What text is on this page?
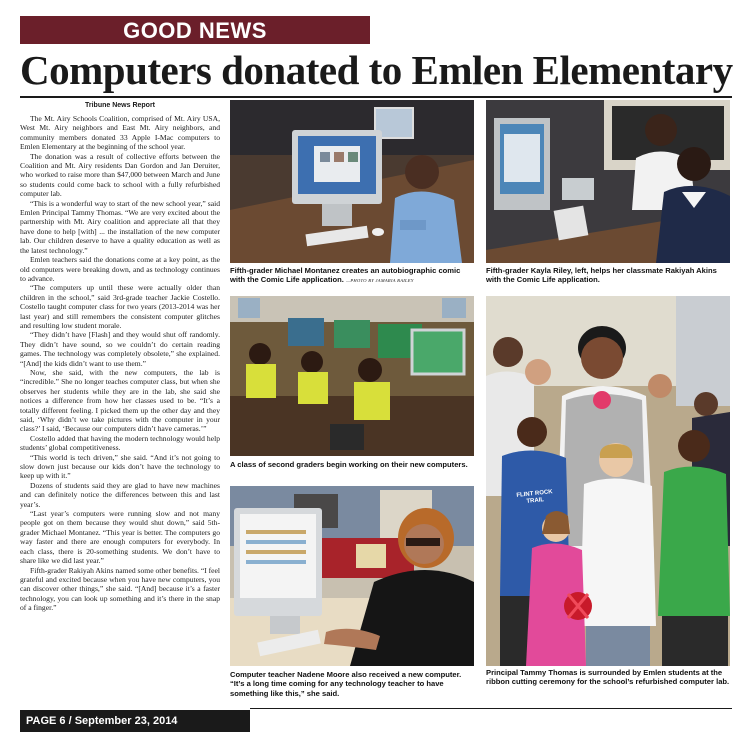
GOOD NEWS
Computers donated to Emlen Elementary
Tribune News Report

The Mt. Airy Schools Coalition, comprised of Mt. Airy USA, West Mt. Airy neighbors and East Mt. Airy neighbors, and community members donated 33 Apple I-Mac computers to Emlen Elementary at the beginning of the school year.

The donation was a result of collective efforts between the Coalition and Mt. Airy residents Dan Gordon and Jan Deruiter, who worked to raise more than $47,000 between March and June so students could come back to school with a fully refurbished computer lab.

“This is a wonderful way to start of the new school year,” said Emlen Principal Tammy Thomas. “We are very excited about the partnership with Mt. Airy coalition and appreciate all that they have done to help [with] ... the installation of the new computer lab. Our children deserve to have a quality education as well as the latest technology.”

Emlen teachers said the donations come at a key point, as the old computers were breaking down, and as technology continues to advance.

“The computers up until these were actually older than children in the school,” said 3rd-grade teacher Jackie Costello. Costello taught computer class for two years (2013-2014 was her last year) and still remembers the consistent computer glitches and resulting low student morale.

“They didn’t have [Flash] and they would shut off randomly. They didn’t have sound, so we couldn’t do certain reading games. The technology was completely obsolete,” she explained. “[And] the kids didn’t want to use them.”

Now, she said, with the new computers, the lab is “incredible.” She no longer teaches computer class, but when she observes her students while they are in the lab, she said she notices a difference from how her classes used to be. “It’s a totally different feeling. I picked them up the other day and they said, ‘Why didn’t we take pictures with the computer in your class?’ I said, ‘Because our computers didn’t have cameras.’”

Costello added that having the modern technology would help students’ global competitiveness.

“This world is tech driven,” she said. “And it’s not going to slow down just because our kids don’t have the technology to keep up with it.”

Dozens of students said they are glad to have new machines and can definitely notice the differences between this and last year’s.

“Last year’s computers were running slow and not many people got on them because they would shut down,” said 5th-grader Michael Montanez. “This year is better. The computers go way faster and there are enough computers for everybody. In each class, there is 20-something students. We don’t have to share like we did last year.”

Fifth-grader Rakiyah Akins named some other benefits. “I feel grateful and excited because when you have new computers, you can discover other things,” she said. “[And] because it’s a faster technology, you can look up something and it’s there in the snap of a finger.”

Fifth-grader Michael Montanez creates an autobiographic comic with the Comic Life application. —PHOTO BY JAMARIA BAILEY
Fifth-grader Kayla Riley, left, helps her classmate Rakiyah Akins with the Comic Life application.
A class of second graders begin working on their new computers.
Computer teacher Nadene Moore also received a new computer. “It’s a long time coming for any technology teacher to have something like this,” she said.
FLINT ROCK TRAIL
Principal Tammy Thomas is surrounded by Emlen students at the ribbon cutting ceremony for the school’s refurbished computer lab.
PAGE 6 / September 23, 2014
